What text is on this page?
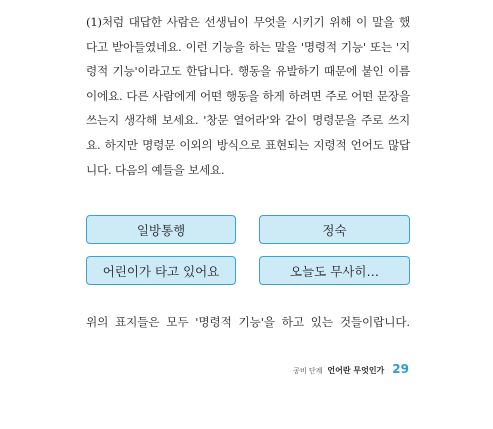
(1)처럼 대답한 사람은 선생님이 무엇을 시키기 위해 이 말을 했
다고 받아들였네요. 이런 기능을 하는 말을 '명령적 기능' 또는 '지
령적 기능'이라고도 한답니다. 행동을 유발하기 때문에 붙인 이름
이에요. 다른 사람에게 어떤 행동을 하게 하려면 주로 어떤 문장을
쓰는지 생각해 보세요. '창문 열어라'와 같이 명령문을 주로 쓰지
요. 하지만 명령문 이외의 방식으로 표현되는 지령적 언어도 많답
니다. 다음의 예들을 보세요.
일방통행	정숙
어린이가 타고 있어요	오늘도 무사히…
위의 표지들은 모두 '명령적 기능'을 하고 있는 것들이랍니다.
공비 단계 언어란 무엇인가 29
